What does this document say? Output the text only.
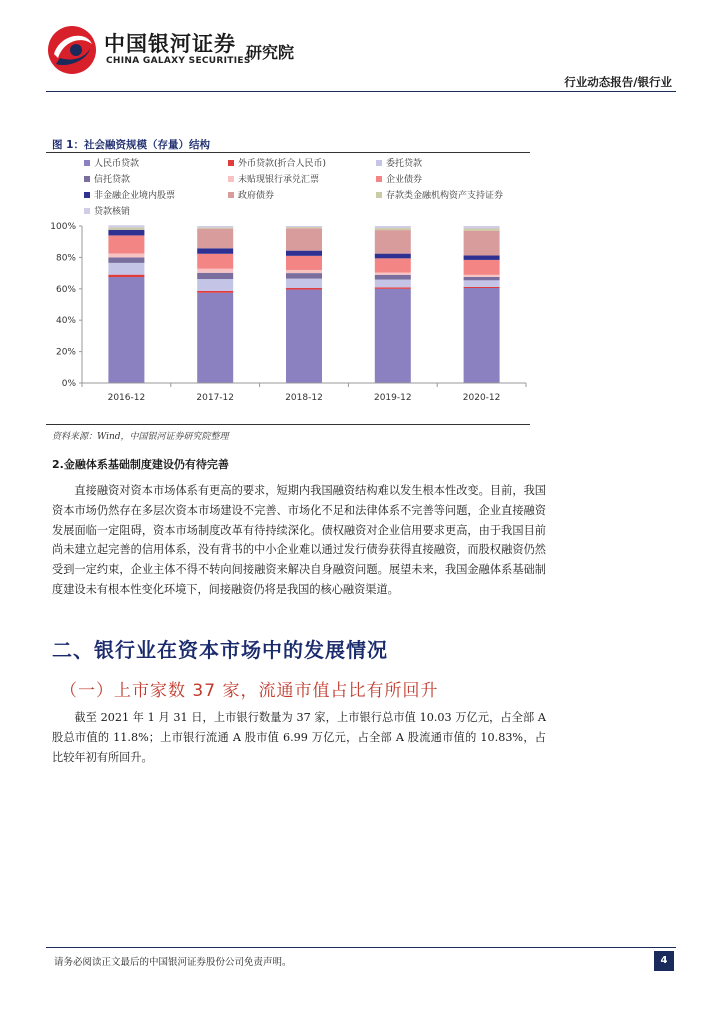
中国银河证券
CHINA GALAXY SECURITIES
研究院
行业动态报告/银行业
图 1：社会融资规模（存量）结构
人民币贷款	外币贷款(折合人民币)	委托贷款
信托贷款	未贴现银行承兑汇票	企业债券
非金融企业境内股票	政府债券	存款类金融机构资产支持证券
贷款核销
0%
20%
40%
60%
80%
100%
2016-12	2017-12	2018-12	2019-12	2020-12
资料来源：Wind，中国银河证券研究院整理
2.金融体系基础制度建设仍有待完善
直接融资对资本市场体系有更高的要求，短期内我国融资结构难以发生根本性改变。目前，我国资本市场仍然存在多层次资本市场建设不完善、市场化不足和法律体系不完善等问题，企业直接融资发展面临一定阻碍，资本市场制度改革有待持续深化。债权融资对企业信用要求更高，由于我国目前尚未建立起完善的信用体系，没有背书的中小企业难以通过发行债券获得直接融资，而股权融资仍然受到一定约束，企业主体不得不转向间接融资来解决自身融资问题。展望未来，我国金融体系基础制度建设未有根本性变化环境下，间接融资仍将是我国的核心融资渠道。
二、银行业在资本市场中的发展情况
（一）上市家数 37 家，流通市值占比有所回升
截至 2021 年 1 月 31 日，上市银行数量为 37 家，上市银行总市值 10.03 万亿元，占全部 A 股总市值的 11.8%；上市银行流通 A 股市值 6.99 万亿元，占全部 A 股流通市值的 10.83%，占比较年初有所回升。
请务必阅读正文最后的中国银河证券股份公司免责声明。	4
